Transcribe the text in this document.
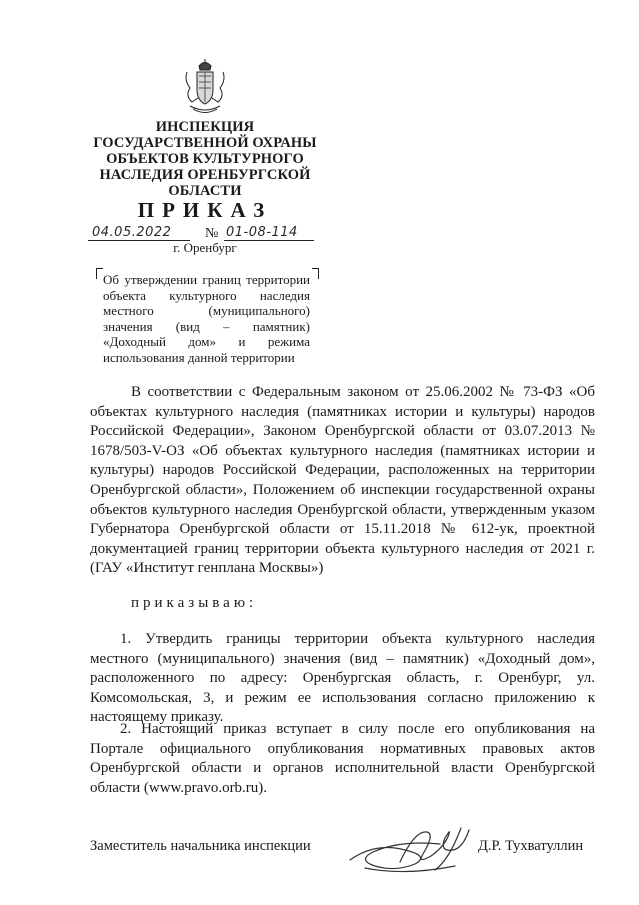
ИНСПЕКЦИЯ
ГОСУДАРСТВЕННОЙ ОХРАНЫ
ОБЪЕКТОВ КУЛЬТУРНОГО
НАСЛЕДИЯ ОРЕНБУРГСКОЙ
ОБЛАСТИ
ПРИКАЗ
04.05.2022 № 01-08-114
г. Оренбург
Об утверждении границ территории объекта культурного наследия местного (муниципального) значения (вид – памятник) «Доходный дом» и режима использования данной территории
В соответствии с Федеральным законом от 25.06.2002 № 73-ФЗ «Об объектах культурного наследия (памятниках истории и культуры) народов Российской Федерации», Законом Оренбургской области от 03.07.2013 № 1678/503-V-ОЗ «Об объектах культурного наследия (памятниках истории и культуры) народов Российской Федерации, расположенных на территории Оренбургской области», Положением об инспекции государственной охраны объектов культурного наследия Оренбургской области, утвержденным указом Губернатора Оренбургской области от 15.11.2018 № 612-ук, проектной документацией границ территории объекта культурного наследия от 2021 г. (ГАУ «Институт генплана Москвы»)
приказываю:
1. Утвердить границы территории объекта культурного наследия местного (муниципального) значения (вид – памятник) «Доходный дом», расположенного по адресу: Оренбургская область, г. Оренбург, ул. Комсомольская, 3, и режим ее использования согласно приложению к настоящему приказу.
2. Настоящий приказ вступает в силу после его опубликования на Портале официального опубликования нормативных правовых актов Оренбургской области и органов исполнительной власти Оренбургской области (www.pravo.orb.ru).
Заместитель начальника инспекции	Д.Р. Тухватуллин
